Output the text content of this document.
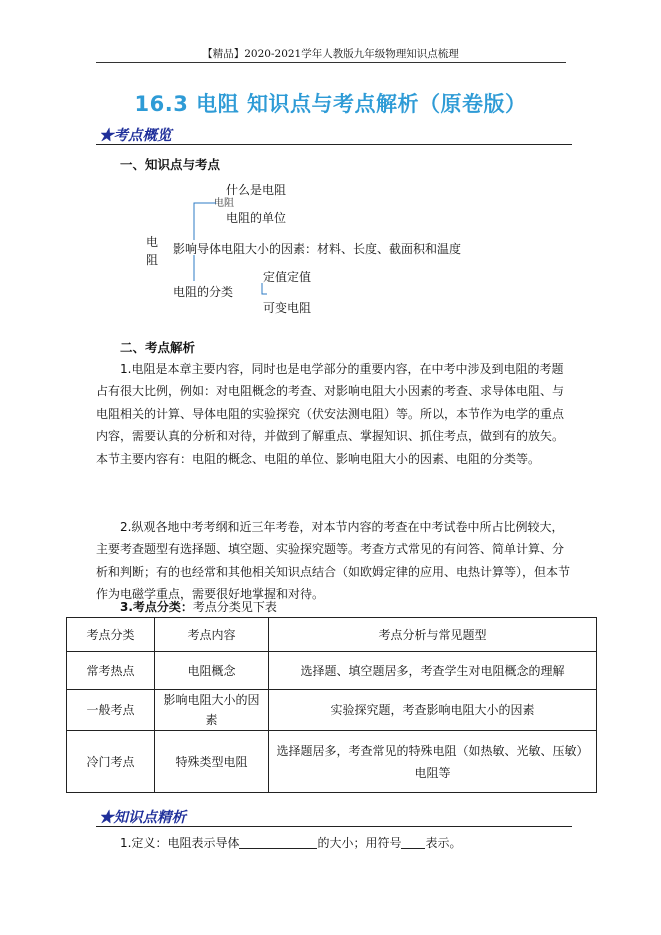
【精品】2020-2021学年人教版九年级物理知识点梳理
16.3 电阻 知识点与考点解析（原卷版）
★考点概览
一、知识点与考点
什么是电阻
电阻
电阻的单位
电
阻
影响导体电阻大小的因素：材料、长度、截面积和温度
定值定值
电阻的分类
可变电阻
二、考点解析

1.电阻是本章主要内容，同时也是电学部分的重要内容，在中考中涉及到电阻的考题占有很大比例，例如：对电阻概念的考查、对影响电阻大小因素的考查、求导体电阻、与电阻相关的计算、导体电阻的实验探究（伏安法测电阻）等。所以，本节作为电学的重点内容，需要认真的分析和对待，并做到了解重点、掌握知识、抓住考点，做到有的放矢。本节主要内容有：电阻的概念、电阻的单位、影响电阻大小的因素、电阻的分类等。

2.纵观各地中考考纲和近三年考卷，对本节内容的考查在中考试卷中所占比例较大，主要考查题型有选择题、填空题、实验探究题等。考查方式常见的有问答、简单计算、分析和判断；有的也经常和其他相关知识点结合（如欧姆定律的应用、电热计算等），但本节作为电磁学重点，需要很好地掌握和对待。

3.考点分类：考点分类见下表
考点分类	考点内容	考点分析与常见题型
常考热点	电阻概念	选择题、填空题居多，考查学生对电阻概念的理解
一般考点	影响电阻大小的因素	实验探究题，考查影响电阻大小的因素
冷门考点	特殊类型电阻	选择题居多，考查常见的特殊电阻（如热敏、光敏、压敏）电阻等
★知识点精析
1.定义：电阻表示导体	的大小；用符号 表示。
